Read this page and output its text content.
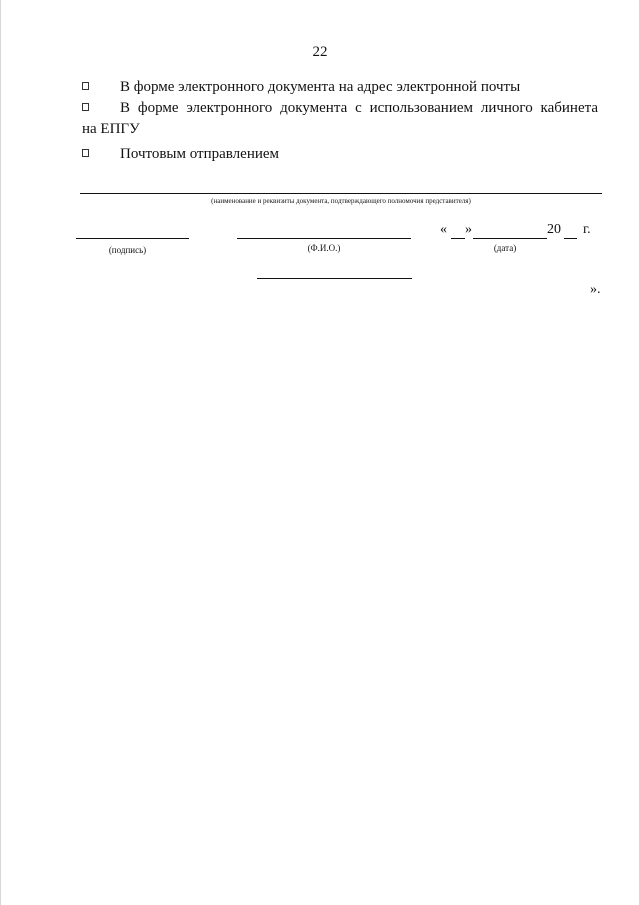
22
В форме электронного документа на адрес электронной почты
В форме электронного документа с использованием личного кабинета
на ЕПГУ
Почтовым отправлением
(наименование и реквизиты документа, подтверждающего полномочия представителя)
(подпись)	(Ф.И.О.)
« »	20 г.
(дата)
».
